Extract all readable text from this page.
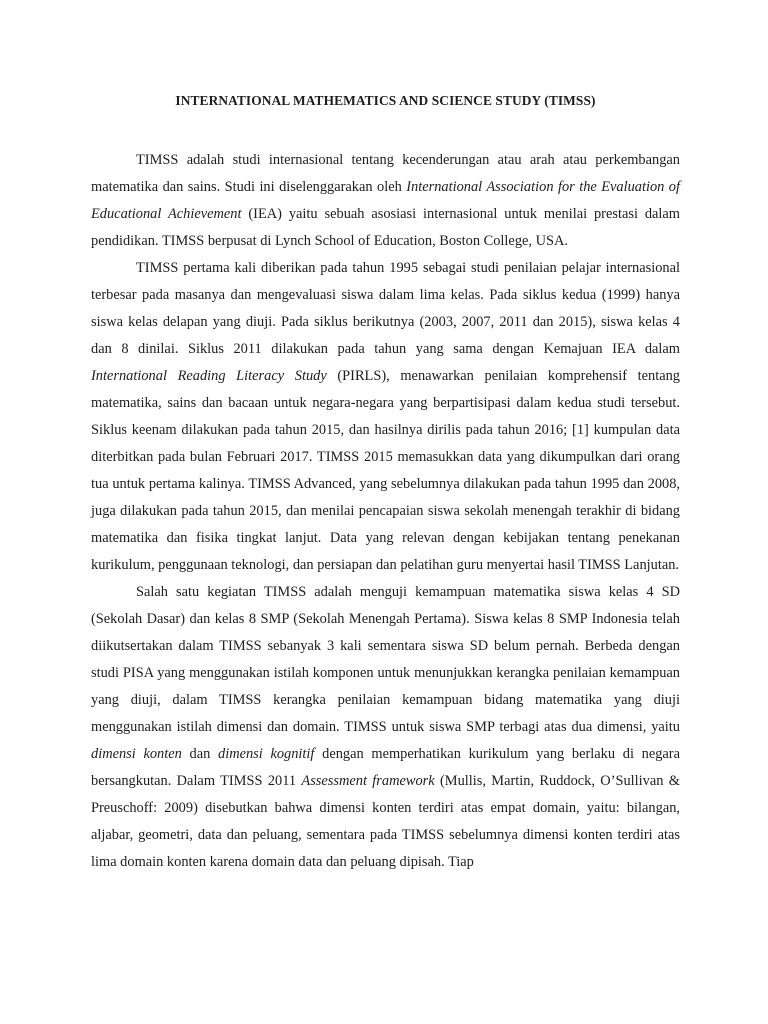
INTERNATIONAL MATHEMATICS AND SCIENCE STUDY (TIMSS)

TIMSS adalah studi internasional tentang kecenderungan atau arah atau perkembangan matematika dan sains. Studi ini diselenggarakan oleh International Association for the Evaluation of Educational Achievement (IEA) yaitu sebuah asosiasi internasional untuk menilai prestasi dalam pendidikan. TIMSS berpusat di Lynch School of Education, Boston College, USA.

TIMSS pertama kali diberikan pada tahun 1995 sebagai studi penilaian pelajar internasional terbesar pada masanya dan mengevaluasi siswa dalam lima kelas. Pada siklus kedua (1999) hanya siswa kelas delapan yang diuji. Pada siklus berikutnya (2003, 2007, 2011 dan 2015), siswa kelas 4 dan 8 dinilai. Siklus 2011 dilakukan pada tahun yang sama dengan Kemajuan IEA dalam International Reading Literacy Study (PIRLS), menawarkan penilaian komprehensif tentang matematika, sains dan bacaan untuk negara-negara yang berpartisipasi dalam kedua studi tersebut. Siklus keenam dilakukan pada tahun 2015, dan hasilnya dirilis pada tahun 2016; [1] kumpulan data diterbitkan pada bulan Februari 2017. TIMSS 2015 memasukkan data yang dikumpulkan dari orang tua untuk pertama kalinya. TIMSS Advanced, yang sebelumnya dilakukan pada tahun 1995 dan 2008, juga dilakukan pada tahun 2015, dan menilai pencapaian siswa sekolah menengah terakhir di bidang matematika dan fisika tingkat lanjut. Data yang relevan dengan kebijakan tentang penekanan kurikulum, penggunaan teknologi, dan persiapan dan pelatihan guru menyertai hasil TIMSS Lanjutan.

Salah satu kegiatan TIMSS adalah menguji kemampuan matematika siswa kelas 4 SD (Sekolah Dasar) dan kelas 8 SMP (Sekolah Menengah Pertama). Siswa kelas 8 SMP Indonesia telah diikutsertakan dalam TIMSS sebanyak 3 kali sementara siswa SD belum pernah. Berbeda dengan studi PISA yang menggunakan istilah komponen untuk menunjukkan kerangka penilaian kemampuan yang diuji, dalam TIMSS kerangka penilaian kemampuan bidang matematika yang diuji menggunakan istilah dimensi dan domain. TIMSS untuk siswa SMP terbagi atas dua dimensi, yaitu dimensi konten dan dimensi kognitif dengan memperhatikan kurikulum yang berlaku di negara bersangkutan. Dalam TIMSS 2011 Assessment framework (Mullis, Martin, Ruddock, O’Sullivan & Preuschoff: 2009) disebutkan bahwa dimensi konten terdiri atas empat domain, yaitu: bilangan, aljabar, geometri, data dan peluang, sementara pada TIMSS sebelumnya dimensi konten terdiri atas lima domain konten karena domain data dan peluang dipisah. Tiap
